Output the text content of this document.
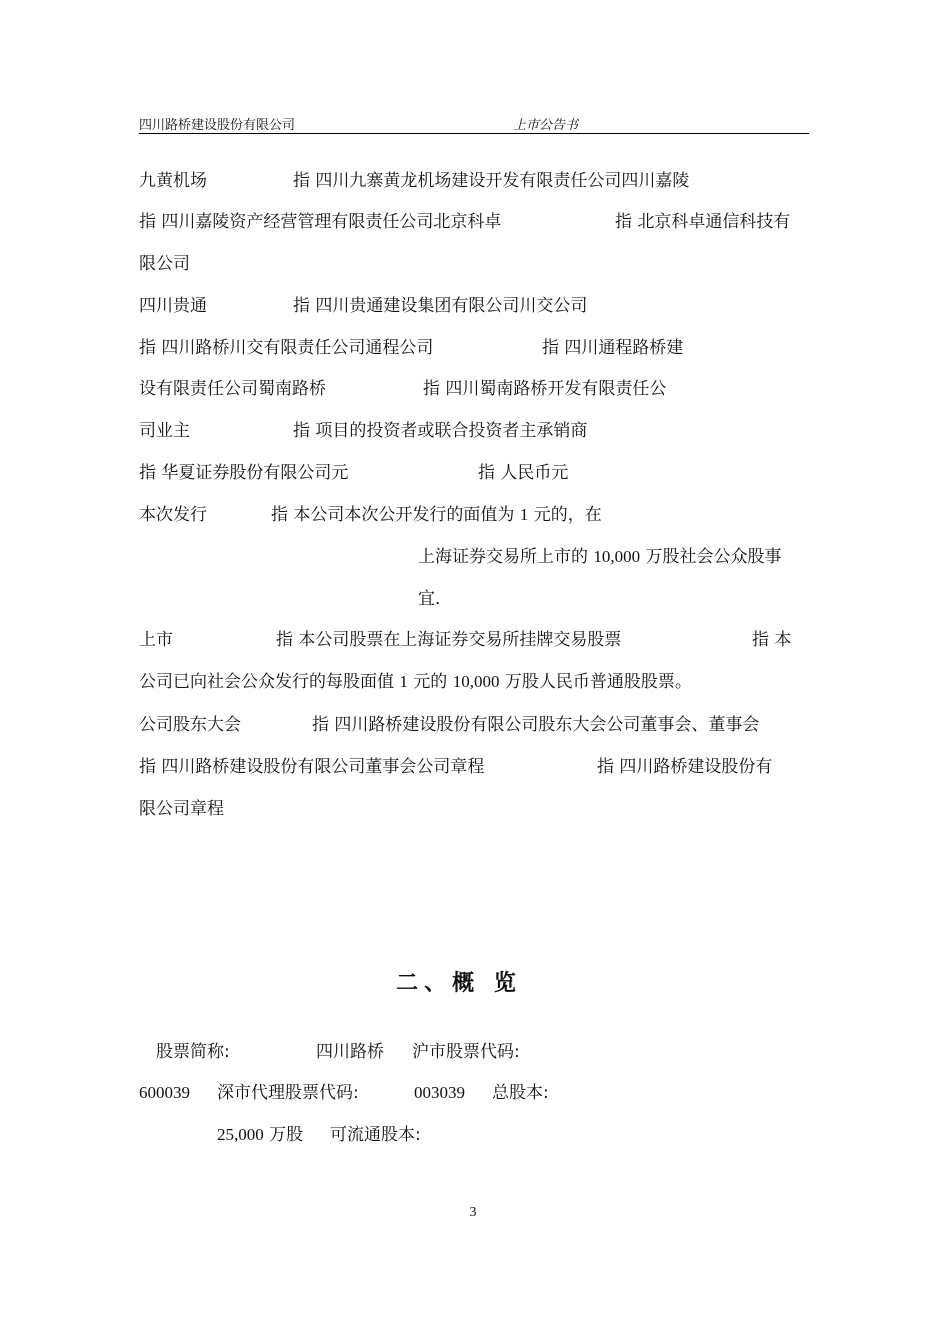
四川路桥建设股份有限公司	上市公告书
九黄机场	指 四川九寨黄龙机场建设开发有限责任公司四川嘉陵
指 四川嘉陵资产经营管理有限责任公司北京科卓	指 北京科卓通信科技有
限公司
四川贵通	指 四川贵通建设集团有限公司川交公司
指 四川路桥川交有限责任公司通程公司	指 四川通程路桥建
设有限责任公司蜀南路桥	指 四川蜀南路桥开发有限责任公
司业主	指 项目的投资者或联合投资者主承销商
指 华夏证券股份有限公司元	指 人民币元
本次发行	指 本公司本次公开发行的面值为 1 元的，在
上海证券交易所上市的 10,000 万股社会公众股事
宜.
上市	指 本公司股票在上海证券交易所挂牌交易股票	指 本
公司已向社会公众发行的每股面值 1 元的 10,000 万股人民币普通股股票。
公司股东大会	指 四川路桥建设股份有限公司股东大会公司董事会、董事会
指 四川路桥建设股份有限公司董事会公司章程	指 四川路桥建设股份有
限公司章程
二、概 览
股票简称:	四川路桥 沪市股票代码:
600039 深市代理股票代码:	003039 总股本:
25,000 万股 可流通股本:
3
